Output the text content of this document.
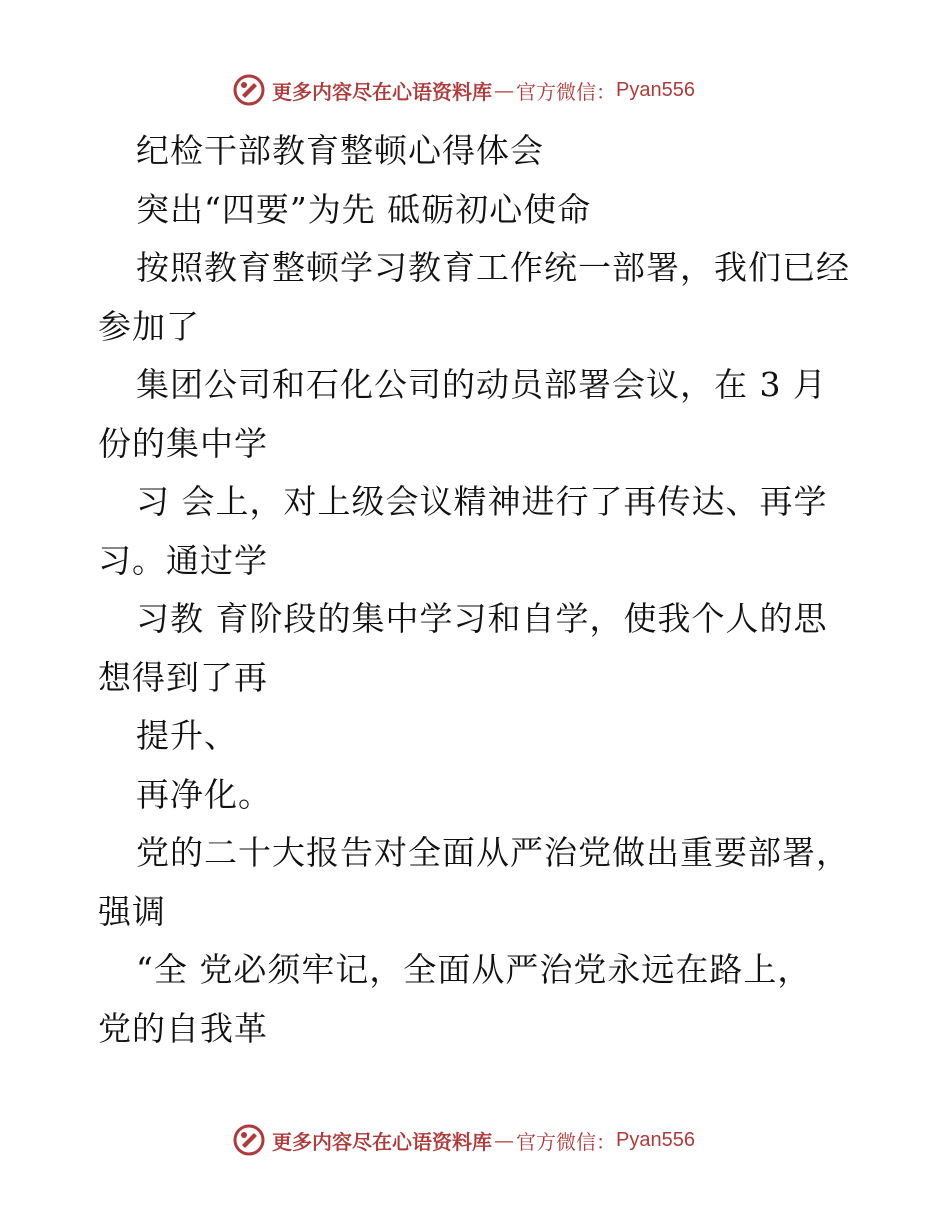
更多内容尽在心语资料库 — 官方微信： Pyan556
纪检干部教育整顿心得体会
突出“四要”为先 砥砺初心使命
按照教育整顿学习教育工作统一部署，我们已经
参加了
集团公司和石化公司的动员部署会议，在 3 月
份的集中学
习 会上，对上级会议精神进行了再传达、再学
习。通过学
习教 育阶段的集中学习和自学，使我个人的思
想得到了再
提升、
再净化。
党的二十大报告对全面从严治党做出重要部署，
强调
“全 党必须牢记，全面从严治党永远在路上，
党的自我革
更多内容尽在心语资料库 — 官方微信： Pyan556
